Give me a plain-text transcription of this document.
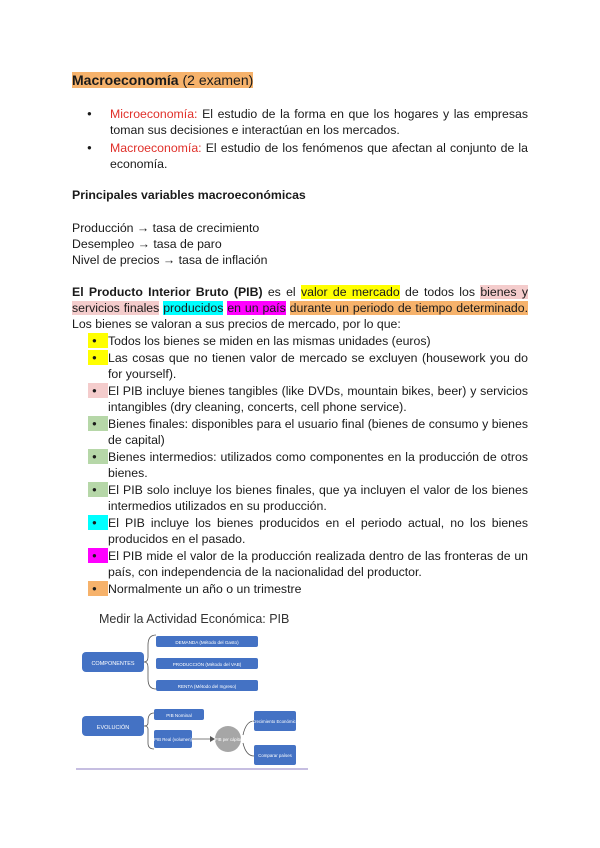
Macroeconomía (2 examen)
● Microeconomía: El estudio de la forma en que los hogares y las empresas toman sus decisiones e interactúan en los mercados.
● Macroeconomía: El estudio de los fenómenos que afectan al conjunto de la economía.
Principales variables macroeconómicas
Producción → tasa de crecimiento
Desempleo → tasa de paro
Nivel de precios → tasa de inflación
El Producto Interior Bruto (PIB) es el valor de mercado de todos los bienes y servicios finales producidos en un país durante un periodo de tiempo determinado. Los bienes se valoran a sus precios de mercado, por lo que:
●
Todos los bienes se miden en las mismas unidades (euros)
●
Las cosas que no tienen valor de mercado se excluyen (housework you do for yourself).
●
El PIB incluye bienes tangibles (like DVDs, mountain bikes, beer) y servicios intangibles (dry cleaning, concerts, cell phone service).
●
Bienes finales: disponibles para el usuario final (bienes de consumo y bienes de capital)
●
Bienes intermedios: utilizados como componentes en la producción de otros bienes.
●
El PIB solo incluye los bienes finales, que ya incluyen el valor de los bienes intermedios utilizados en su producción.
●
El PIB incluye los bienes producidos en el periodo actual, no los bienes producidos en el pasado.
●
El PIB mide el valor de la producción realizada dentro de las fronteras de un país, con independencia de la nacionalidad del productor.
●
Normalmente un año o un trimestre
Medir la Actividad Económica: PIB
COMPONENTES
EVOLUCIÓN
DEMANDA (Método del Gasto)
PRODUCCIÓN (Método del VAB)
RENTA (Método del Ingreso)
PIB Nominal
PIB Real (volumen)	PIB per cápita
Crecimiento Económico
Comparar países
